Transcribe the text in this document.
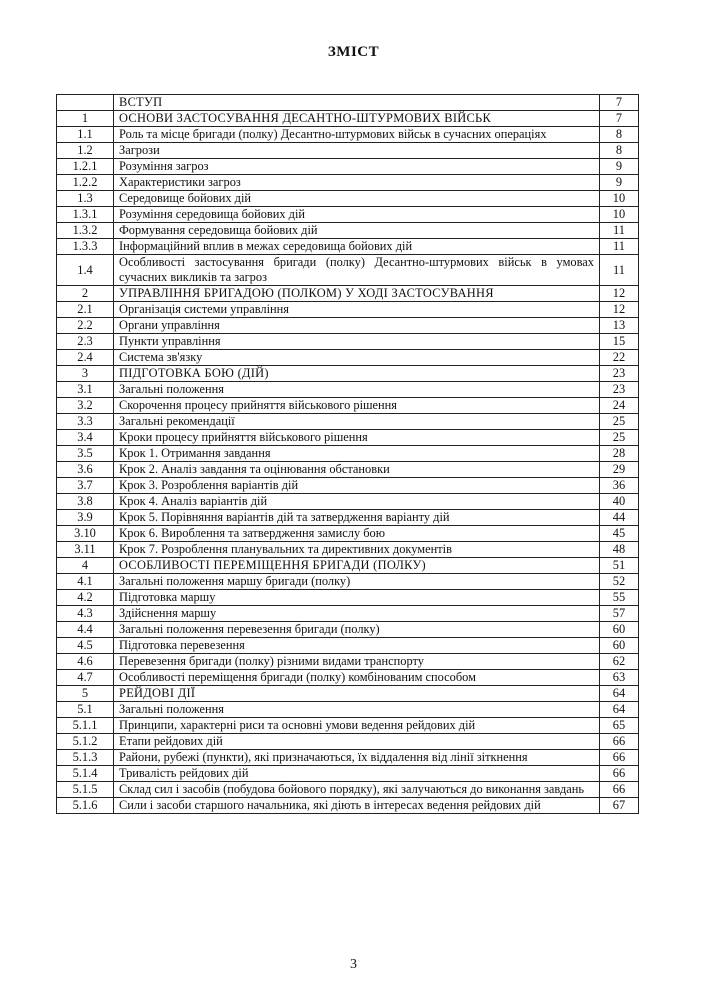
ЗМІСТ
	ВСТУП	7
1	ОСНОВИ ЗАСТОСУВАННЯ ДЕСАНТНО-ШТУРМОВИХ ВІЙСЬК	7
1.1	Роль та місце бригади (полку) Десантно-штурмових військ в сучасних операціях	8
1.2	Загрози	8
1.2.1	Розуміння загроз	9
1.2.2	Характеристики загроз	9
1.3	Середовище бойових дій	10
1.3.1	Розуміння середовища бойових дій	10
1.3.2	Формування середовища бойових дій	11
1.3.3	Інформаційний вплив в межах середовища бойових дій	11
1.4	Особливості застосування бригади (полку) Десантно-штурмових військ в умовах сучасних викликів та загроз	11
2	УПРАВЛІННЯ БРИГАДОЮ (ПОЛКОМ) У ХОДІ ЗАСТОСУВАННЯ	12
2.1	Організація системи управління	12
2.2	Органи управління	13
2.3	Пункти управління	15
2.4	Система зв'язку	22
3	ПІДГОТОВКА БОЮ (ДІЙ)	23
3.1	Загальні положення	23
3.2	Скорочення процесу прийняття військового рішення	24
3.3	Загальні рекомендації	25
3.4	Кроки процесу прийняття військового рішення	25
3.5	Крок 1. Отримання завдання	28
3.6	Крок 2. Аналіз завдання та оцінювання обстановки	29
3.7	Крок 3. Розроблення варіантів дій	36
3.8	Крок 4. Аналіз варіантів дій	40
3.9	Крок 5. Порівняння варіантів дій та затвердження варіанту дій	44
3.10	Крок 6. Вироблення та затвердження замислу бою	45
3.11	Крок 7. Розроблення планувальних та директивних документів	48
4	ОСОБЛИВОСТІ ПЕРЕМІЩЕННЯ БРИГАДИ (ПОЛКУ)	51
4.1	Загальні положення маршу бригади (полку)	52
4.2	Підготовка маршу	55
4.3	Здійснення маршу	57
4.4	Загальні положення перевезення бригади (полку)	60
4.5	Підготовка перевезення	60
4.6	Перевезення бригади (полку) різними видами транспорту	62
4.7	Особливості переміщення бригади (полку) комбінованим способом	63
5	РЕЙДОВІ ДІЇ	64
5.1	Загальні положення	64
5.1.1	Принципи, характерні риси та основні умови ведення рейдових дій	65
5.1.2	Етапи рейдових дій	66
5.1.3	Райони, рубежі (пункти), які призначаються, їх віддалення від лінії зіткнення	66
5.1.4	Тривалість рейдових дій	66
5.1.5	Склад сил і засобів (побудова бойового порядку), які залучаються до виконання завдань	66
5.1.6	Сили і засоби старшого начальника, які діють в інтересах ведення рейдових дій	67
3
